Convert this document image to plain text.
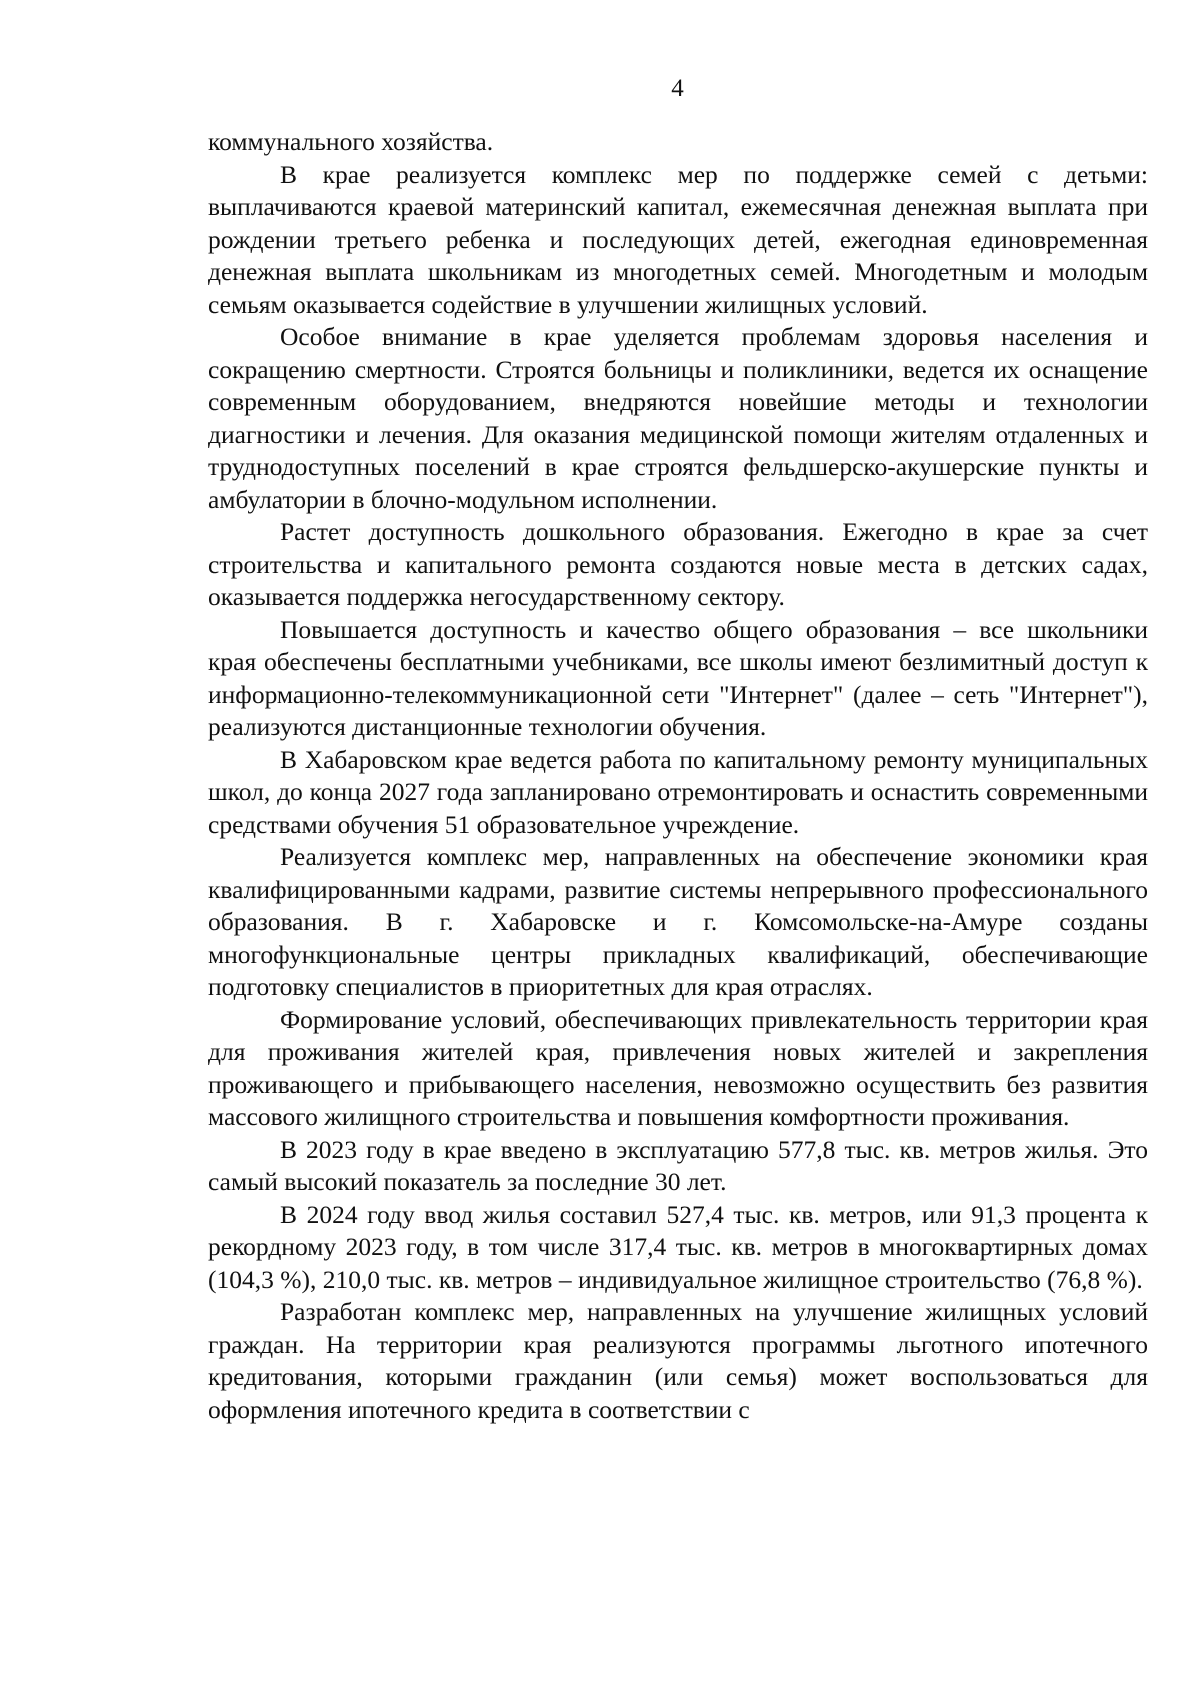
4

коммунального хозяйства.

В крае реализуется комплекс мер по поддержке семей с детьми: выплачиваются краевой материнский капитал, ежемесячная денежная выплата при рождении третьего ребенка и последующих детей, ежегодная единовременная денежная выплата школьникам из многодетных семей. Многодетным и молодым семьям оказывается содействие в улучшении жилищных условий.

Особое внимание в крае уделяется проблемам здоровья населения и сокращению смертности. Строятся больницы и поликлиники, ведется их оснащение современным оборудованием, внедряются новейшие методы и технологии диагностики и лечения. Для оказания медицинской помощи жителям отдаленных и труднодоступных поселений в крае строятся фельдшерско-акушерские пункты и амбулатории в блочно-модульном исполнении.

Растет доступность дошкольного образования. Ежегодно в крае за счет строительства и капитального ремонта создаются новые места в детских садах, оказывается поддержка негосударственному сектору.

Повышается доступность и качество общего образования – все школьники края обеспечены бесплатными учебниками, все школы имеют безлимитный доступ к информационно-телекоммуникационной сети "Интернет" (далее – сеть "Интернет"), реализуются дистанционные технологии обучения.

В Хабаровском крае ведется работа по капитальному ремонту муниципальных школ, до конца 2027 года запланировано отремонтировать и оснастить современными средствами обучения 51 образовательное учреждение.

Реализуется комплекс мер, направленных на обеспечение экономики края квалифицированными кадрами, развитие системы непрерывного профессионального образования. В г. Хабаровске и г. Комсомольске-на-Амуре созданы многофункциональные центры прикладных квалификаций, обеспечивающие подготовку специалистов в приоритетных для края отраслях.

Формирование условий, обеспечивающих привлекательность территории края для проживания жителей края, привлечения новых жителей и закрепления проживающего и прибывающего населения, невозможно осуществить без развития массового жилищного строительства и повышения комфортности проживания.

В 2023 году в крае введено в эксплуатацию 577,8 тыс. кв. метров жилья. Это самый высокий показатель за последние 30 лет.

В 2024 году ввод жилья составил 527,4 тыс. кв. метров, или 91,3 процента к рекордному 2023 году, в том числе 317,4 тыс. кв. метров в многоквартирных домах (104,3 %), 210,0 тыс. кв. метров – индивидуальное жилищное строительство (76,8 %).

Разработан комплекс мер, направленных на улучшение жилищных условий граждан. На территории края реализуются программы льготного ипотечного кредитования, которыми гражданин (или семья) может воспользоваться для оформления ипотечного кредита в соответствии с
